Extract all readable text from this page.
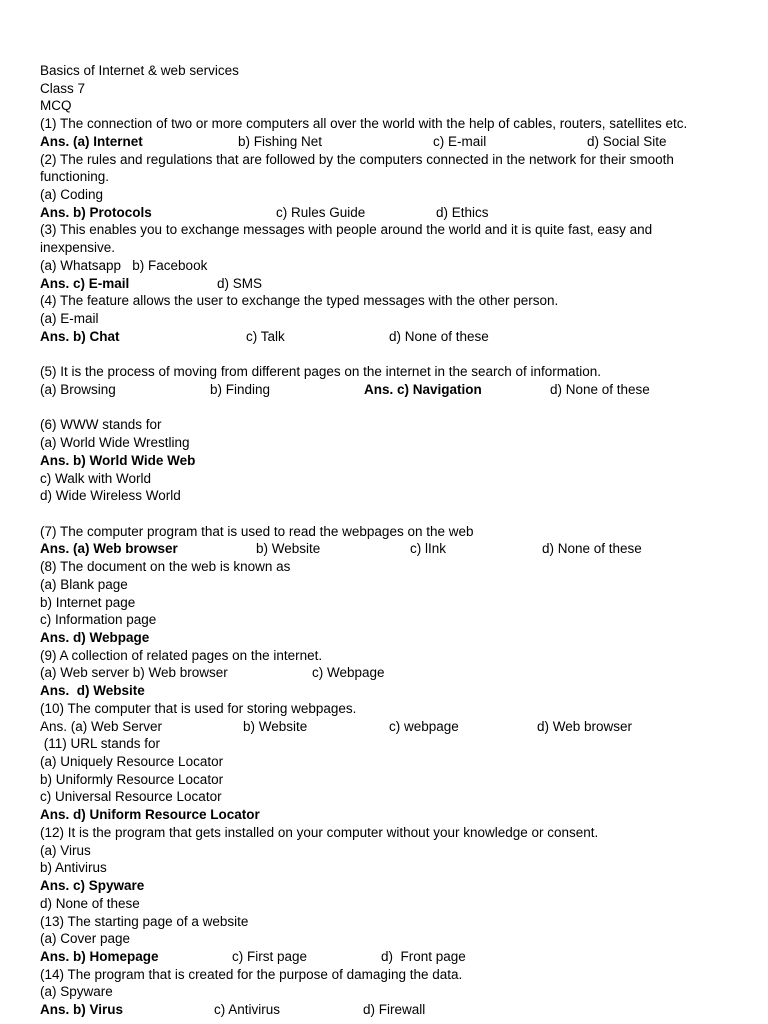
Basics of Internet & web services
Class 7
MCQ
(1) The connection of two or more computers all over the world with the help of cables, routers, satellites etc.
Ans. (a) Internet	b) Fishing Net	c) E-mail	d) Social Site
(2) The rules and regulations that are followed by the computers connected in the network for their smooth
functioning.
(a) Coding
Ans. b) Protocols	c) Rules Guide	d) Ethics
(3) This enables you to exchange messages with people around the world and it is quite fast, easy and
inexpensive.
(a) Whatsapp   b) Facebook
Ans. c) E-mail	d) SMS
(4) The feature allows the user to exchange the typed messages with the other person.
(a) E-mail
Ans. b) Chat	c) Talk	d) None of these
(5) It is the process of moving from different pages on the internet in the search of information.
(a) Browsing	b) Finding	Ans. c) Navigation	d) None of these
(6) WWW stands for
(a) World Wide Wrestling
Ans. b) World Wide Web
c) Walk with World
d) Wide Wireless World
(7) The computer program that is used to read the webpages on the web
Ans. (a) Web browser	b) Website	c) lInk	d) None of these
(8) The document on the web is known as
(a) Blank page
b) Internet page
c) Information page
Ans. d) Webpage
(9) A collection of related pages on the internet.
(a) Web server b) Web browser	c) Webpage
Ans.  d) Website
(10) The computer that is used for storing webpages.
Ans. (a) Web Server	b) Website	c) webpage	d) Web browser
(11) URL stands for
(a) Uniquely Resource Locator
b) Uniformly Resource Locator
c) Universal Resource Locator
Ans. d) Uniform Resource Locator
(12) It is the program that gets installed on your computer without your knowledge or consent.
(a) Virus
b) Antivirus
Ans. c) Spyware
d) None of these
(13) The starting page of a website
(a) Cover page
Ans. b) Homepage	c) First page	d)  Front page
(14) The program that is created for the purpose of damaging the data.
(a) Spyware
Ans. b) Virus	c) Antivirus	d) Firewall
